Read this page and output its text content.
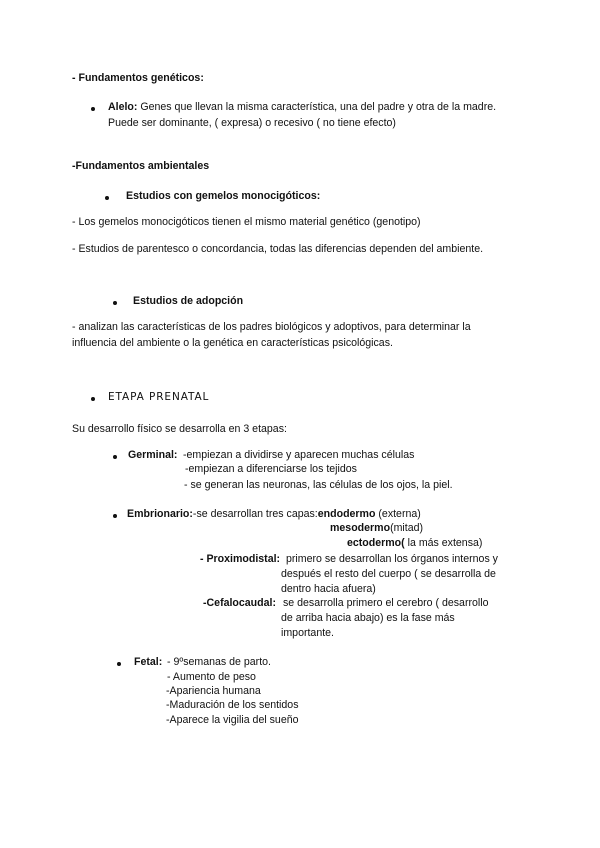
- Fundamentos genéticos:
Alelo: Genes que llevan la misma característica, una del padre y otra de la madre.
Puede ser dominante, ( expresa) o recesivo ( no tiene efecto)
-Fundamentos ambientales
Estudios con gemelos monocigóticos:
- Los gemelos monocigóticos tienen el mismo material genético (genotipo)
- Estudios de parentesco o concordancia, todas las diferencias dependen del ambiente.
Estudios de adopción
- analizan las características de los padres biológicos y adoptivos, para determinar la
influencia del ambiente o la genética en características psicológicas.
ETAPA PRENATAL
Su desarrollo físico se desarrolla en 3 etapas:
Germinal: -empiezan a dividirse y aparecen muchas células
-empiezan a diferenciarse los tejidos
- se generan las neuronas, las células de los ojos, la piel.
Embrionario:-se desarrollan tres capas:endodermo (externa)
mesodermo(mitad)
ectodermo( la más extensa)
- Proximodistal: primero se desarrollan los órganos internos y
después el resto del cuerpo ( se desarrolla de
dentro hacia afuera)
-Cefalocaudal: se desarrolla primero el cerebro ( desarrollo
de arriba hacia abajo) es la fase más
importante.
Fetal: - 9ºsemanas de parto.
- Aumento de peso
-Apariencia humana
-Maduración de los sentidos
-Aparece la vigilia del sueño
